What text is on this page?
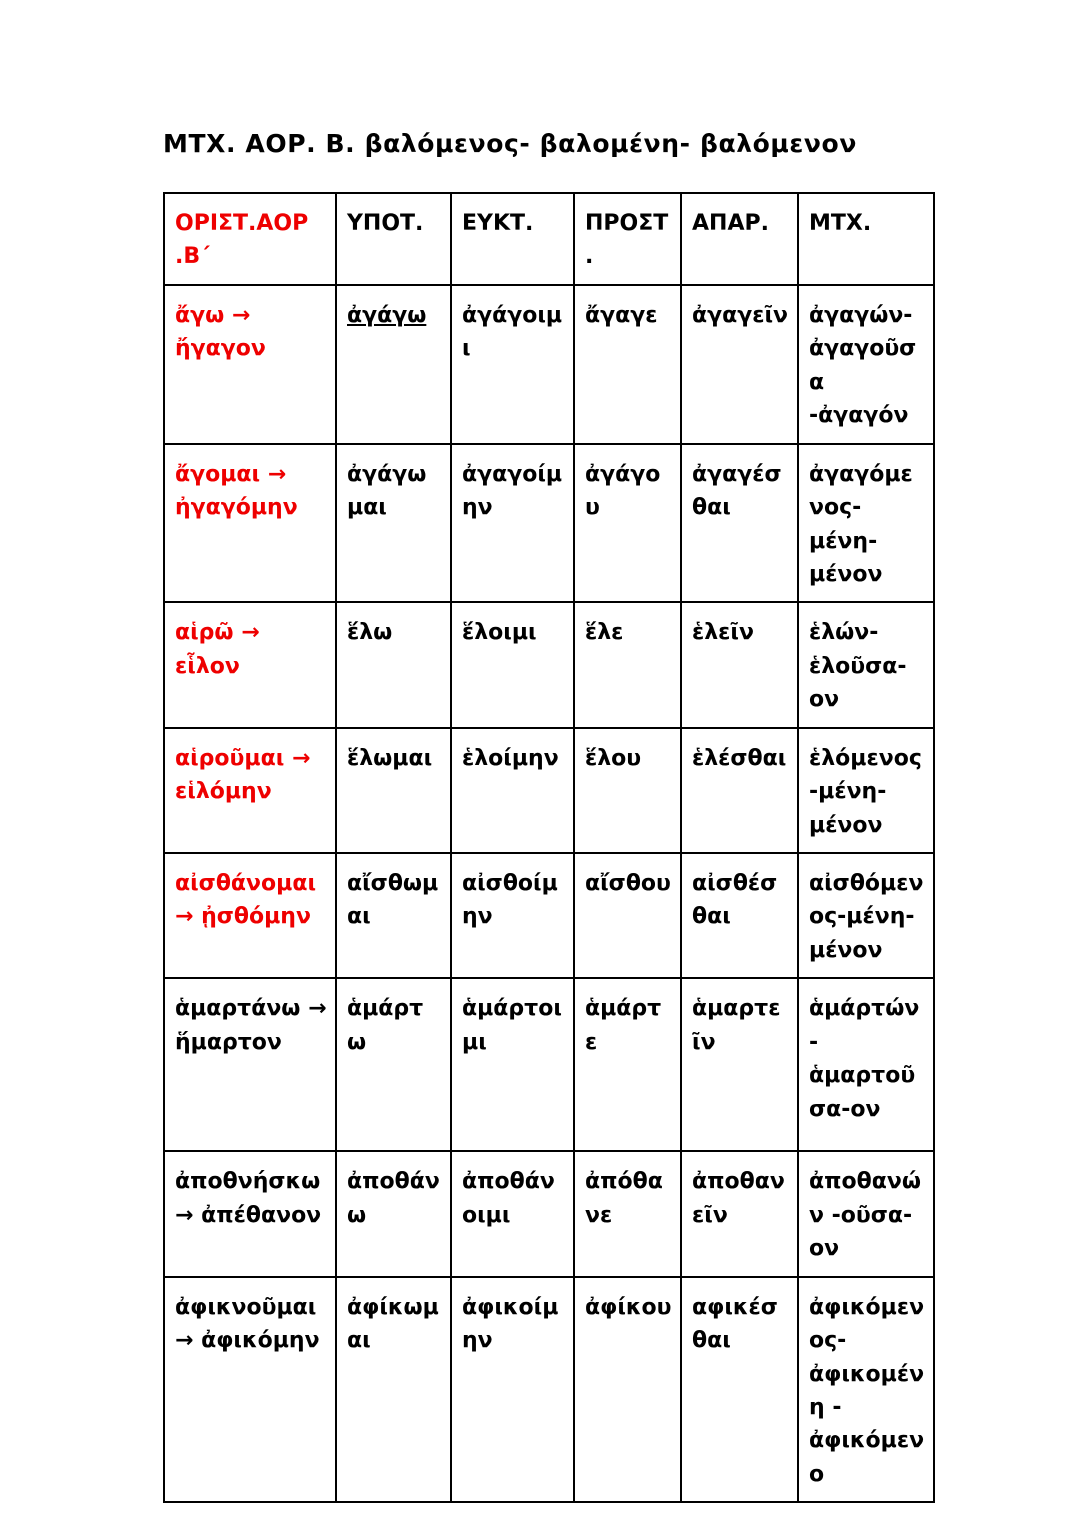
ΜΤΧ. ΑΟΡ. Β. βαλόμενος- βαλομένη- βαλόμενον
ΟΡΙΣΤ.ΑΟΡ .Β΄	ΥΠΟΤ.	ΕΥΚΤ.	ΠΡΟΣΤ.	ΑΠΑΡ.	ΜΤΧ.
ἄγω → ἤγαγον	ἀγάγω	ἀγάγοιμι	ἄγαγε	ἀγαγεῖν	ἀγαγών-ἀγαγοῦσα -ἀγαγόν
ἄγομαι → ἠγαγόμην	ἀγάγωμαι	ἀγαγοίμην	ἀγάγου	ἀγαγέσθαι	ἀγαγόμενος-μένη-μένον
αἱρῶ → εἷλον	ἕλω	ἕλοιμι	ἕλε	ἑλεῖν	ἑλών-ἑλοῦσα-ον
αἱροῦμαι → εἱλόμην	ἕλωμαι	ἑλοίμην	ἕλου	ἑλέσθαι	ἑλόμενος-μένη-μένον
αἰσθάνομαι → ᾐσθόμην	αἴσθωμαι	αἰσθοίμην	αἴσθου	αἰσθέσθαι	αἰσθόμενος-μένη-μένον
ἁμαρτάνω → ἥμαρτον	ἁμάρτω	ἁμάρτοιμι	ἁμάρτε	ἁμαρτεῖν	ἁμάρτών - ἁμαρτοῦσα-ον
ἀποθνήσκω → ἀπέθανον	ἀποθάνω	ἀποθάνοιμι	ἀπόθανε	ἀποθανεῖν	ἀποθανών -οῦσα-ον
ἀφικνοῦμαι → ἀφικόμην	ἀφίκωμαι	ἀφικοίμην	ἀφίκου	αφικέσθαι	ἀφικόμενος- ἀφικομένη - ἀφικόμενο
